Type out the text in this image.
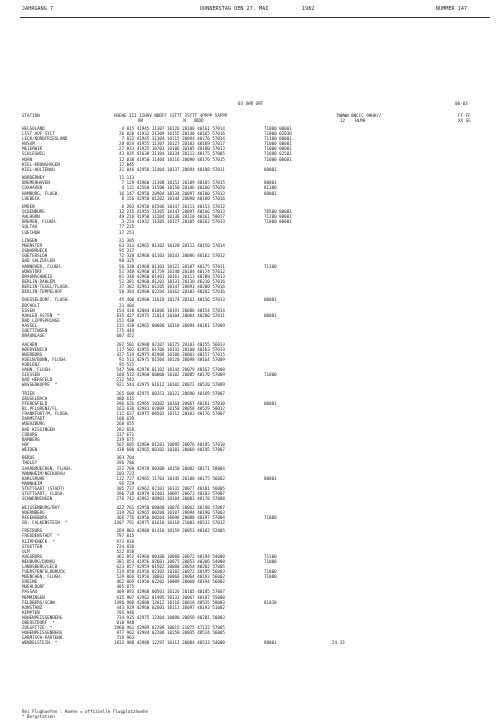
JAHRGANG 7	DONNERSTAG DEN 27. MAI	1982	NUMMER 147
03 UHR GMT	00-03
STATION	HOEHE III IIHVV NDDFF 1STTT 2STTT 4PPPP 5APPP
RR                N   4DDD
7WWWW 8NCCC 9HHH//
12    HLMH
FF-FF
XX GG
HELGOLAND	4 015 41945 11307 10126 20100 40161 57014	71000 00001
LIST AUF SYLT	26 020 41932 21309 10155 20140 40165 57016	71000 02030
LECK/NORDFRIESLAND	7 022 41945 31304 10115 20094 40176 57014	71100 80001
HUSUM	28 024 41955 11307 10127 20103 40169 57017	71000 00001
MEIERWIK	27 033 41925 10703 10106 20105 40180 57013	71000 00001
SCHLESWIG	43 035 41630 21104 10134 20112 40175 57005	71000 02501
HOHN	12 038 41950 11404 10116 20090 40170 57015	71000 00001
KIEL-KRONSHAGEN	17 045
KIEL-HOLTENAU	31 046 42958 11404 10137 20094 40188 57011	80001
NORDERNEY	11 113
BREMERHAVEN	7 129 41960 11308 10152 20109 40165 57015	80001
CUXHAVEN	4 131 42560 11508 10150 20106 40160 57020	81100
HAMBURG, FLUGH.	16 147 42958 20904 10134 20097 40180 57013	80001
LUEBECK	8 156 42958 01202 10144 20090 40180 57016
EMDEN	6 203 42958 01506 10147 20111 40153 57012
OLDENBURG	12 215 41955 11305 10147 20097 40166 57013	70500 80001
AHLHORN	49 218 41958 11204 10136 20110 40161 58017	71100 80001
BREMEN, FLUGH.	3 224 41932 11305 10127 20105 40162 57013	71000 80001
SOLTAU	77 235
LUECHOW	17 253
LINGEN	21 305
MUENSTER	63 313 42965 01302 10128 20112 40150 57014
OSNABRUECK	95 317
GUETERSLOH	72 320 42960 01103 10141 20086 40162 57012
BAD SALZUFLEN	98 325
HANNOVER, FLUGH.	56 338 41960 01303 10122 20107 40175 57011	71100
WUNSTORF	51 348 42960 01759 10140 20104 40174 57012
BRAUNSCHWEIG	81 348 42960 01401 10161 20113 40209 57013
BERLIN-DAHLEM	51 381 42960 01203 10131 20130 40210 57016
BERLIN-TEGEL/FLUGH.	37 382 42961 01205 10147 20093 40200 57016
BERLIN-TEMPELHOF	50 384 42960 02204 10162 20103 40202 57016
DUESSELDORF, FLUGH.	45 400 42960 11610 10174 20161 40156 57013	80001
BOCHOLT	21 404
ESSEN	154 410 42084 01606 10191 20086 40154 57014
KAHLER ASTEN  *	835 427 42975 21014 10104 20064 40200 57011	80001
BAD LIPPSPRINGE	151 430
KASSEL	231 438 42965 00600 10118 20094 40181 57009
GOETTINGEN	175 444
BRAUNLAGE	607 452
AACHEN	202 501 42980 02107 10175 20103 40155 56013
NOERVENICH	117 502 42955 01706 10133 20100 40163 57013
NUERBURG	427 519 42975 01909 10106 20063 40157 57015
KOELN/BONN, FLUGH.	91 513 42975 01504 10120 20098 40164 57009
KOBLENZ	95 515
HAHN, FLUGH.	547 506 42970 01102 10144 20079 40167 57008
GIESSEN	186 532 41960 00000 10102 20085 40170 57009	71000
BAD HERSFELD	212 542
WASSERKUPPE  *	921 544 42975 01612 10102 20072 40520 57009
TRIER	265 609 42975 00353 10122 20090 40169 57007
DEUSELBACH	480 615
PFERDSFELD	396 626 42965 10302 10164 20067 40181 57010	80001
BL.PFLORENZ/FL.	163 630 42981 02009 10150 20058 40529 58012
FRANKFURT/M, FLUGH.	111 637 42975 00503 10112 20103 40176 57007
DARMSTADT	108 639
WUERZBURG	268 655
BAD KISSINGEN	282 658
COBURG	337 671
BAMBERG	239 675
HOF	567 685 42960 01201 10095 20076 40195 57010
WEIDEN	438 688 42965 00102 10103 20068 40195 57007
BERUS	363 704
THOLEY	396 706
SAARBRUECKEN, FLUGH.	322 708 42970 00300 10150 20082 40171 58004
MANNHEIM/NECKARAU	103 723
KARLSRUHE	112 727 42965 11703 10145 20100 40175 56002	80001
MANNHEIM	96 729
STUTTGART (STADT)	305 737 42962 02101 10132 20077 40181 56005
STUTTGART, FLUGH.	396 738 42979 02401 10097 20072 40183 57007
SCHWENNINGEN	276 742 42962 00903 10104 20083 40178 57008
WEISSENBURG/BAY.	422 761 42958 00000 10076 20062 40198 57007
NUERNBERG	319 763 42965 00200 10107 20094 40190 57003
REGENSBURG	366 776 42956 00204 10098 20088 40197 57004	71000
GR. FALKENSTEIN  *	1307 791 42975 01610 10118 21003 48532 57012
FREIBURG	269 803 42980 01410 10159 20053 40182 52005
FREUDENSTADT  *	797 815
KLIPPENECK  *	973 818
STOETTEN	734 836
ULM	522 838
AUGSBURG	461 852 41960 00100 10080 20072 40194 54000	71100
NEUBURG/DONAU	381 853 41956 02601 10075 20053 40206 54000	71000
LANDSBERG/LECH	623 857 42959 01502 10080 20054 40202 57005
FUERSTENFELDBRUCK	519 858 41956 02303 10102 20072 40195 56003	71000
MUENCHEN, FLUGH.	529 866 41956 10601 10066 20064 40193 56002	71000
ERDING	462 869 41956 02202 10089 20060 40194 56002
MUEHLDORF	405 875
PASSAU	409 893 42968 00501 10126 20105 40185 57007
MEMMINGEN	615 907 42962 01905 10133 20067 40187 55000
FELDBERG/SCHW.	1496 908 42880 12612 10116 20018 40535 58003	81030
KONSTANZ	443 929 42960 02601 10111 20097 40192 51002
KEMPTEN	705 946
HOHENPEISSENBERG	734 935 42975 12304 10090 20058 40201 56003
OBERSTDORF  *	810 948
ZUGSPITZE  *	2960 961 42989 02209 10015 21075 47132 57005
HOHENPEISSENBERG	977 962 42984 02208 10150 20045 40524 56005
GARMISCH-PARTENK.	719 963
WENDELSTEIN  *	1832 980 42988 12297 10113 20084 40533 54000	80001	24 33
Bei Flughaefen : Hoehe = offizielle Flugplatzhoehe
* Bergstation
